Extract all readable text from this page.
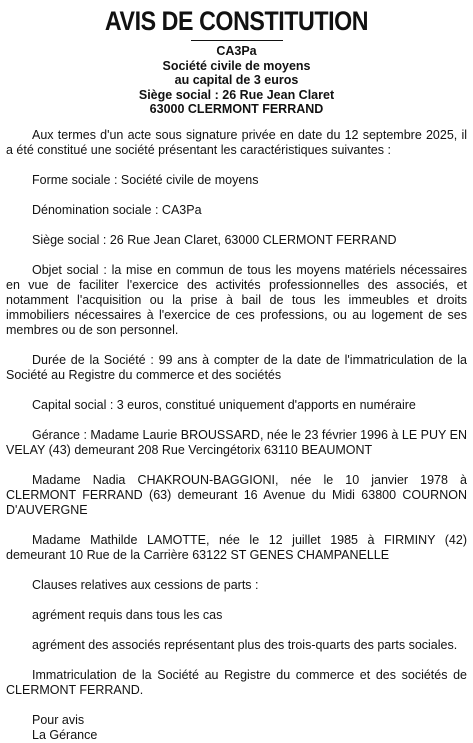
AVIS DE CONSTITUTION
CA3Pa
Société civile de moyens
au capital de 3 euros
Siège social : 26 Rue Jean Claret
63000 CLERMONT FERRAND

Aux termes d'un acte sous signature privée en date du 12 septembre 2025, il a été constitué une société présentant les caractéristiques suivantes :

Forme sociale : Société civile de moyens

Dénomination sociale : CA3Pa

Siège social : 26 Rue Jean Claret, 63000 CLERMONT FERRAND

Objet social : la mise en commun de tous les moyens matériels nécessaires en vue de faciliter l'exercice des activités professionnelles des associés, et notamment l'acquisition ou la prise à bail de tous les immeubles et droits immobiliers nécessaires à l'exercice de ces professions, ou au logement de ses membres ou de son personnel.

Durée de la Société : 99 ans à compter de la date de l'immatriculation de la Société au Registre du commerce et des sociétés

Capital social : 3 euros, constitué uniquement d'apports en numéraire

Gérance : Madame Laurie BROUSSARD, née le 23 février 1996 à LE PUY EN VELAY (43) demeurant 208 Rue Vercingétorix 63110 BEAUMONT

Madame Nadia CHAKROUN-BAGGIONI, née le 10 janvier 1978 à CLERMONT FERRAND (63) demeurant 16 Avenue du Midi 63800 COURNON D'AUVERGNE

Madame Mathilde LAMOTTE, née le 12 juillet 1985 à FIRMINY (42) demeurant 10 Rue de la Carrière 63122 ST GENES CHAMPANELLE

Clauses relatives aux cessions de parts :

agrément requis dans tous les cas

agrément des associés représentant plus des trois-quarts des parts sociales.

Immatriculation de la Société au Registre du commerce et des sociétés de CLERMONT FERRAND.

Pour avis

La Gérance
